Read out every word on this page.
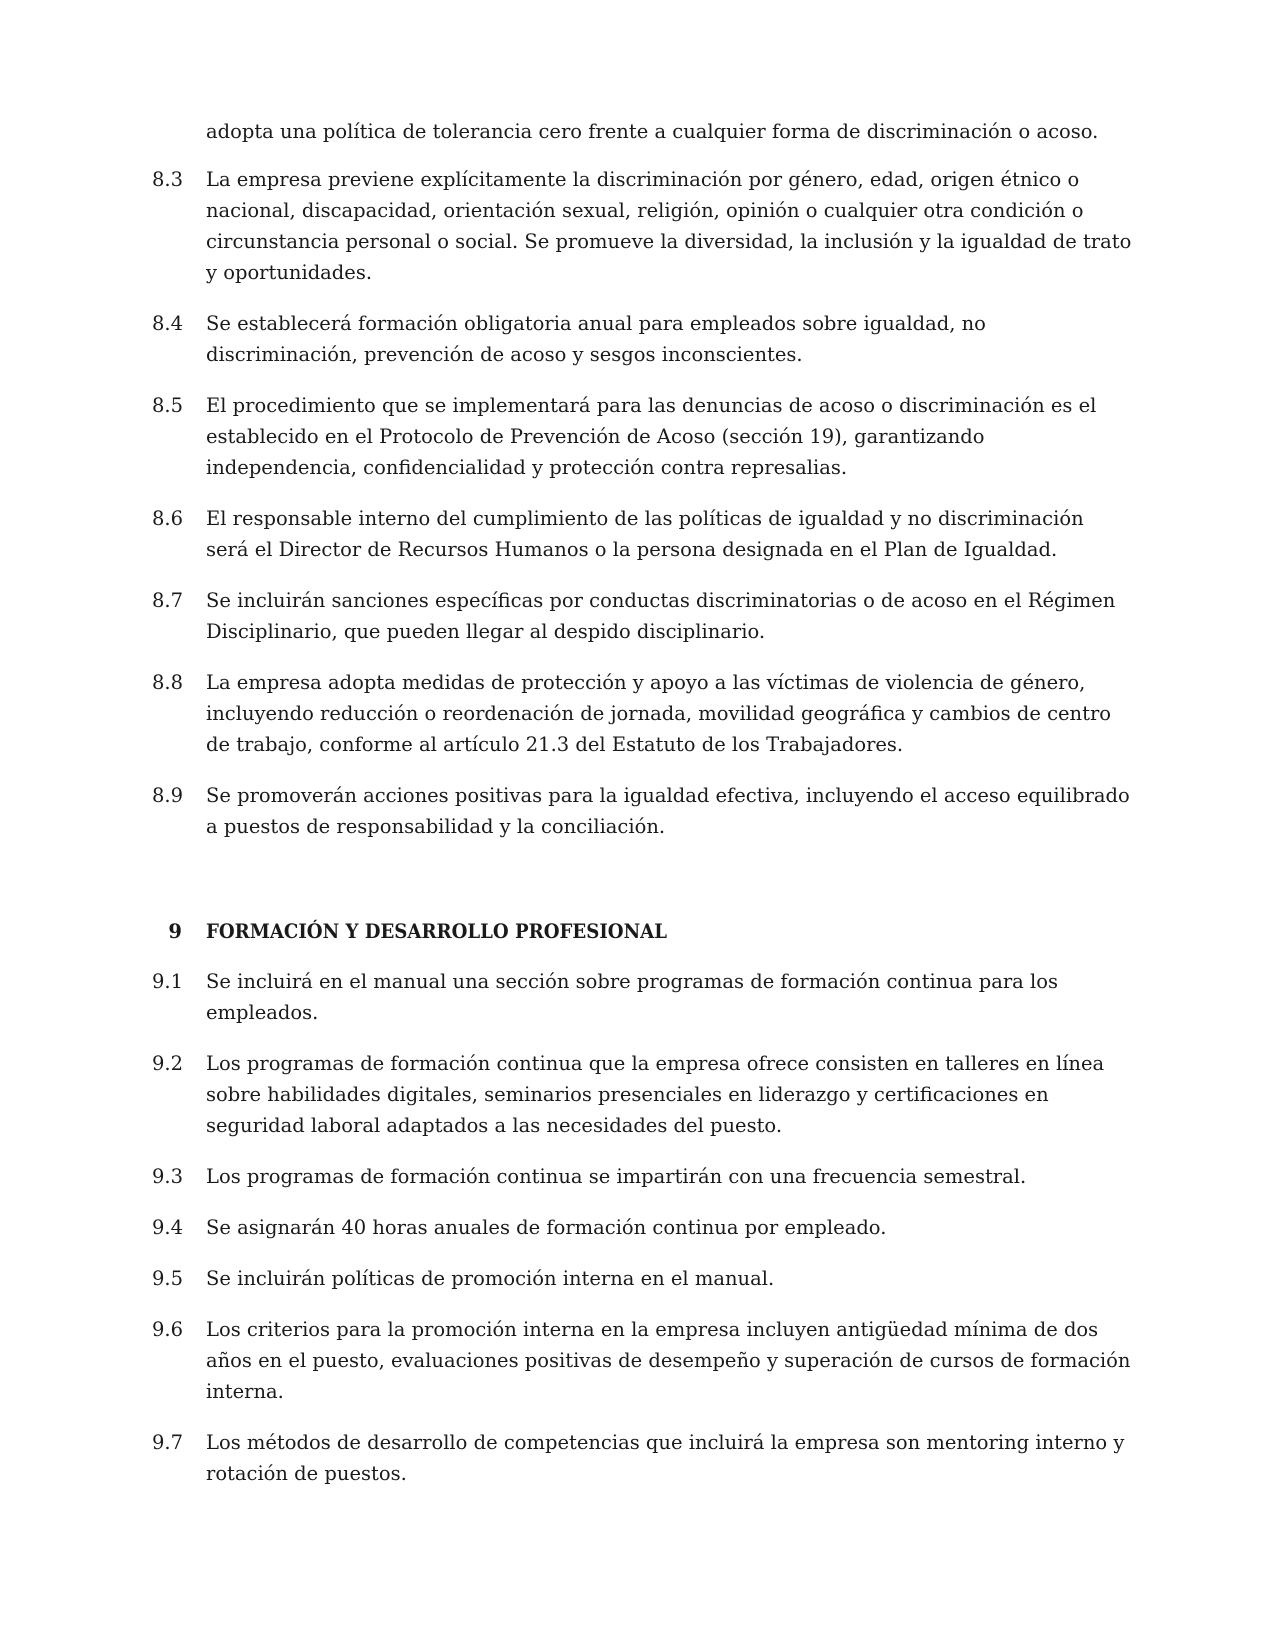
adopta una política de tolerancia cero frente a cualquier forma de discriminación o acoso.

8.3	La empresa previene explícitamente la discriminación por género, edad, origen étnico o nacional, discapacidad, orientación sexual, religión, opinión o cualquier otra condición o circunstancia personal o social. Se promueve la diversidad, la inclusión y la igualdad de trato y oportunidades.

8.4	Se establecerá formación obligatoria anual para empleados sobre igualdad, no discriminación, prevención de acoso y sesgos inconscientes.

8.5	El procedimiento que se implementará para las denuncias de acoso o discriminación es el establecido en el Protocolo de Prevención de Acoso (sección 19), garantizando independencia, confidencialidad y protección contra represalias.

8.6	El responsable interno del cumplimiento de las políticas de igualdad y no discriminación será el Director de Recursos Humanos o la persona designada en el Plan de Igualdad.

8.7	Se incluirán sanciones específicas por conductas discriminatorias o de acoso en el Régimen Disciplinario, que pueden llegar al despido disciplinario.

8.8	La empresa adopta medidas de protección y apoyo a las víctimas de violencia de género, incluyendo reducción o reordenación de jornada, movilidad geográfica y cambios de centro de trabajo, conforme al artículo 21.3 del Estatuto de los Trabajadores.

8.9	Se promoverán acciones positivas para la igualdad efectiva, incluyendo el acceso equilibrado a puestos de responsabilidad y la conciliación.

9	FORMACIÓN Y DESARROLLO PROFESIONAL
9.1	Se incluirá en el manual una sección sobre programas de formación continua para los empleados.

9.2	Los programas de formación continua que la empresa ofrece consisten en talleres en línea sobre habilidades digitales, seminarios presenciales en liderazgo y certificaciones en seguridad laboral adaptados a las necesidades del puesto.

9.3	Los programas de formación continua se impartirán con una frecuencia semestral.

9.4	Se asignarán 40 horas anuales de formación continua por empleado.

9.5	Se incluirán políticas de promoción interna en el manual.

9.6	Los criterios para la promoción interna en la empresa incluyen antigüedad mínima de dos años en el puesto, evaluaciones positivas de desempeño y superación de cursos de formación interna.

9.7	Los métodos de desarrollo de competencias que incluirá la empresa son mentoring interno y rotación de puestos.
